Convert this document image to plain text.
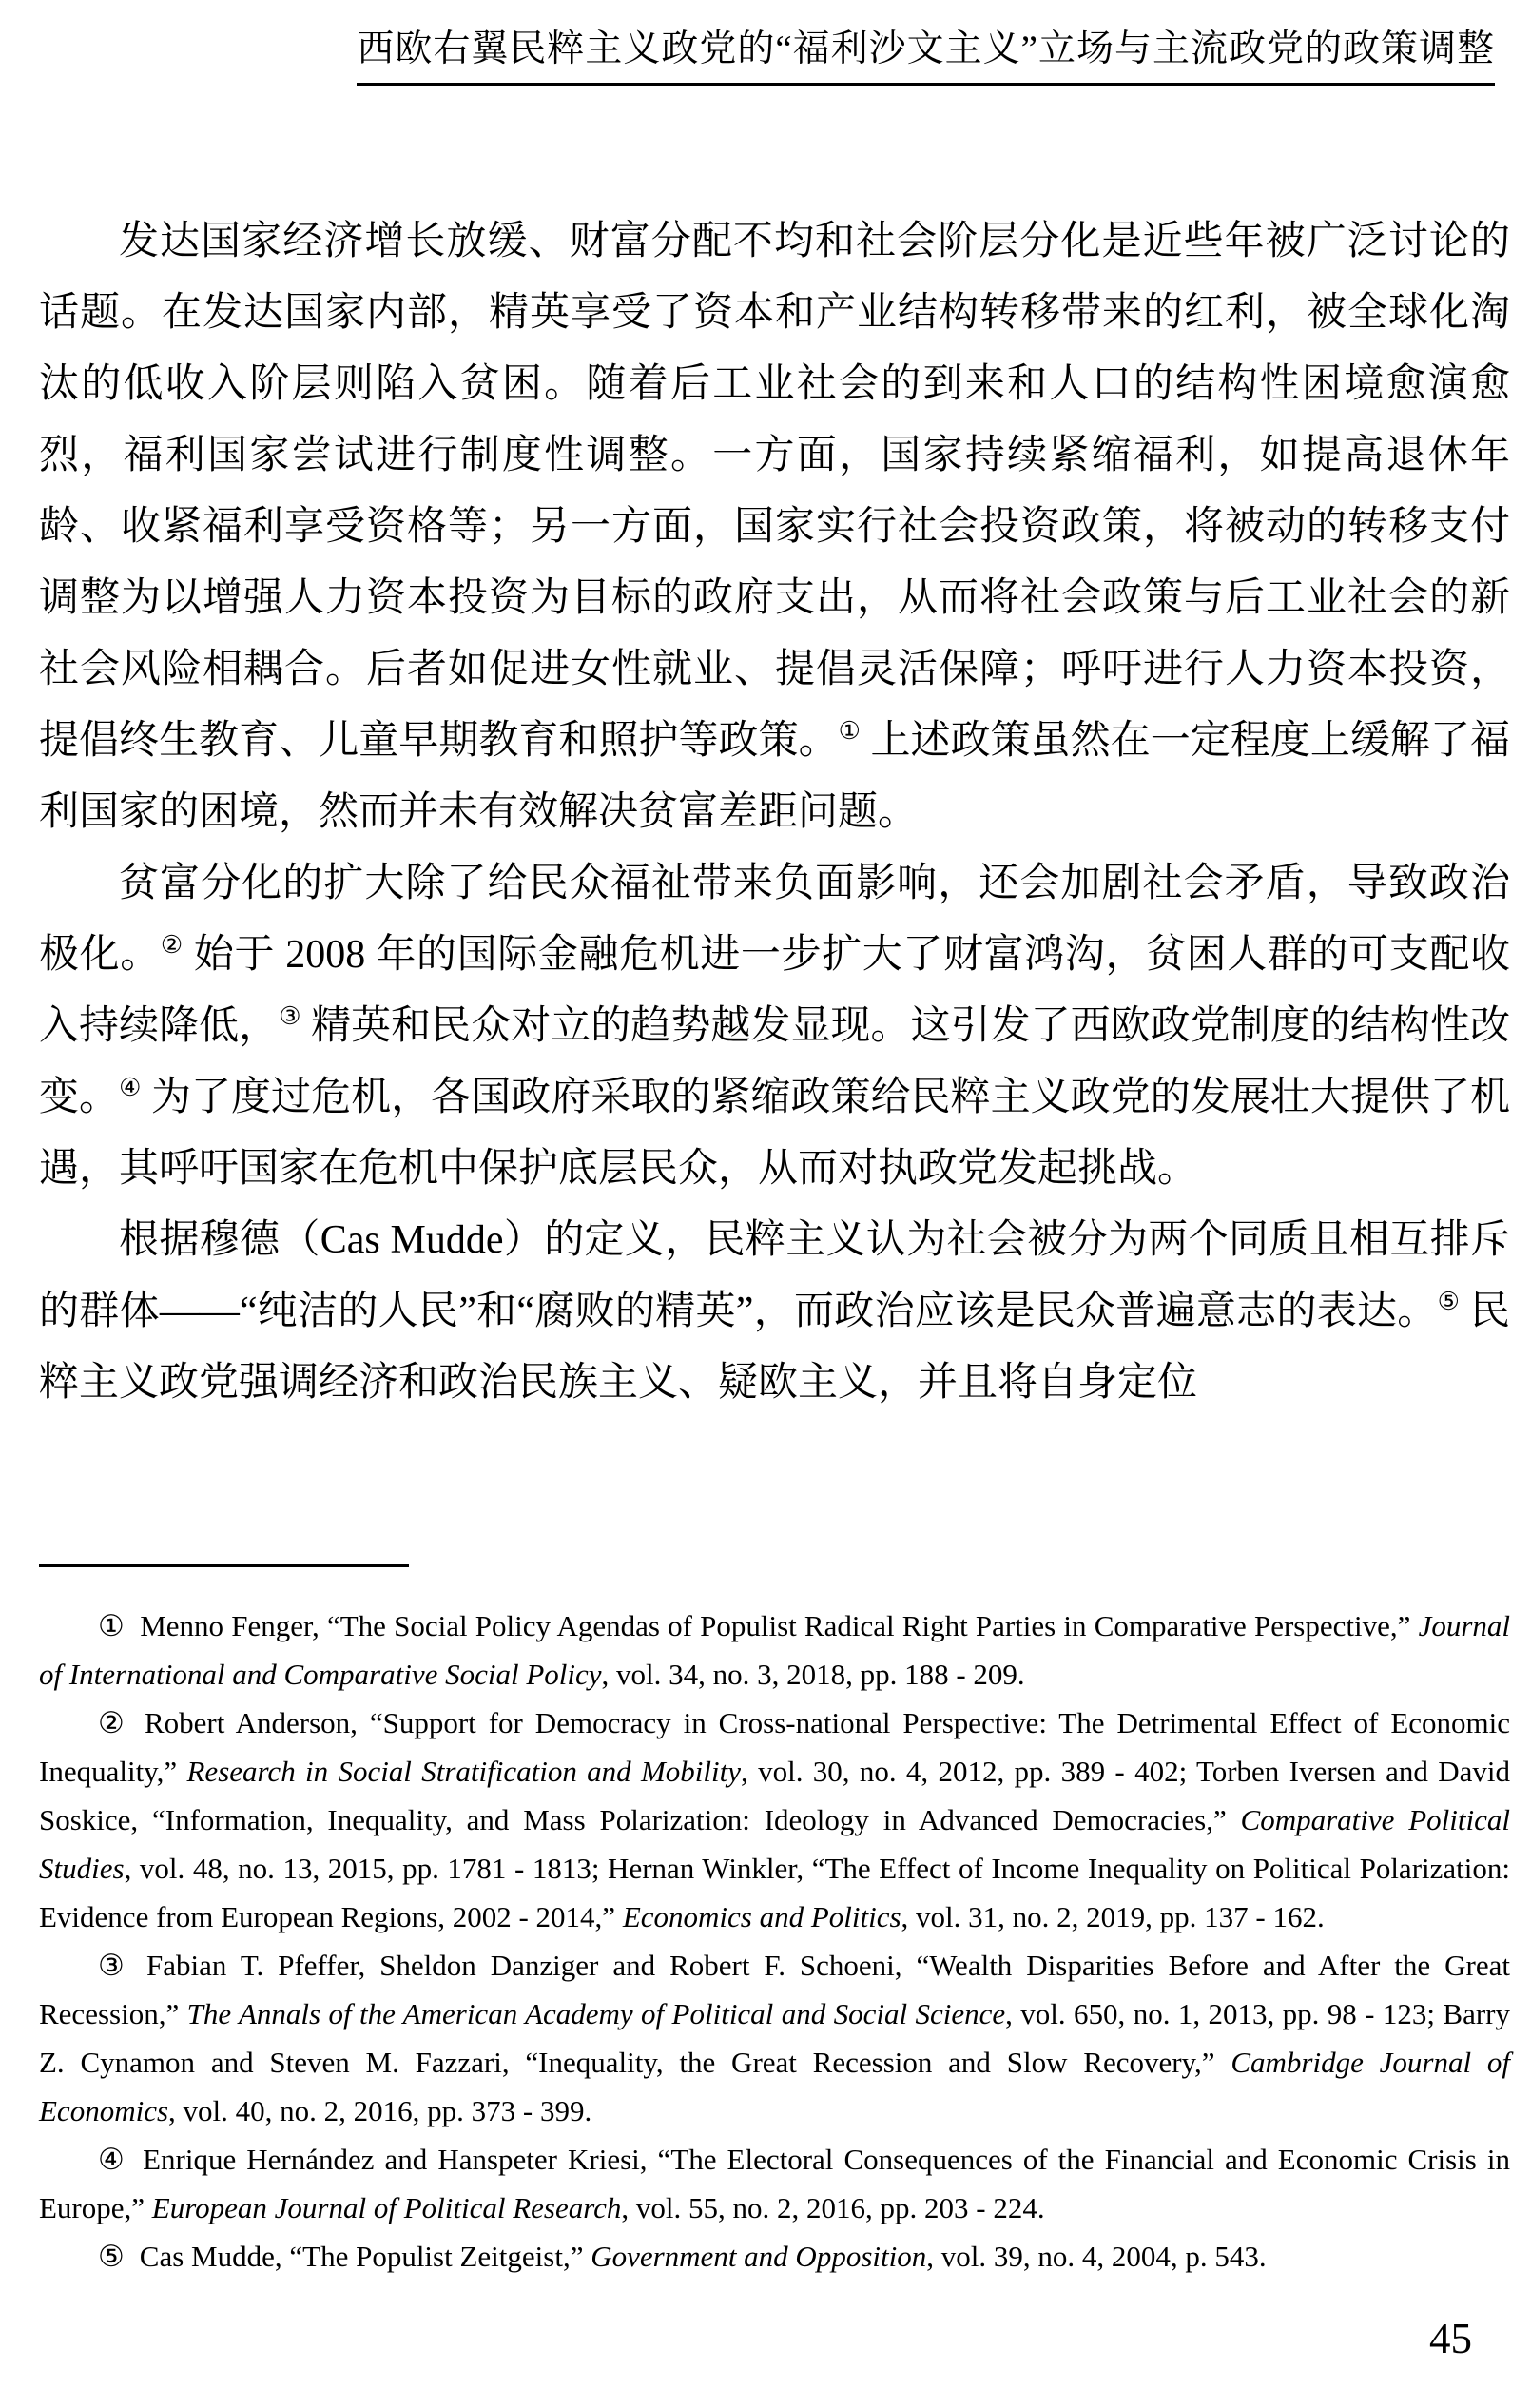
西欧右翼民粹主义政党的“福利沙文主义”立场与主流政党的政策调整

发达国家经济增长放缓、财富分配不均和社会阶层分化是近些年被广泛讨论的话题。在发达国家内部，精英享受了资本和产业结构转移带来的红利，被全球化淘汰的低收入阶层则陷入贫困。随着后工业社会的到来和人口的结构性困境愈演愈烈，福利国家尝试进行制度性调整。一方面，国家持续紧缩福利，如提高退休年龄、收紧福利享受资格等；另一方面，国家实行社会投资政策，将被动的转移支付调整为以增强人力资本投资为目标的政府支出，从而将社会政策与后工业社会的新社会风险相耦合。后者如促进女性就业、提倡灵活保障；呼吁进行人力资本投资，提倡终生教育、儿童早期教育和照护等政策。① 上述政策虽然在一定程度上缓解了福利国家的困境，然而并未有效解决贫富差距问题。

贫富分化的扩大除了给民众福祉带来负面影响，还会加剧社会矛盾，导致政治极化。② 始于 2008 年的国际金融危机进一步扩大了财富鸿沟，贫困人群的可支配收入持续降低，③ 精英和民众对立的趋势越发显现。这引发了西欧政党制度的结构性改变。④ 为了度过危机，各国政府采取的紧缩政策给民粹主义政党的发展壮大提供了机遇，其呼吁国家在危机中保护底层民众，从而对执政党发起挑战。

根据穆德（Cas Mudde）的定义，民粹主义认为社会被分为两个同质且相互排斥的群体——“纯洁的人民”和“腐败的精英”，而政治应该是民众普遍意志的表达。⑤ 民粹主义政党强调经济和政治民族主义、疑欧主义，并且将自身定位

① Menno Fenger, “The Social Policy Agendas of Populist Radical Right Parties in Comparative Perspective,” Journal of International and Comparative Social Policy, vol. 34, no. 3, 2018, pp. 188 - 209.

② Robert Anderson, “Support for Democracy in Cross-national Perspective: The Detrimental Effect of Economic Inequality,” Research in Social Stratification and Mobility, vol. 30, no. 4, 2012, pp. 389 - 402; Torben Iversen and David Soskice, “Information, Inequality, and Mass Polarization: Ideology in Advanced Democracies,” Comparative Political Studies, vol. 48, no. 13, 2015, pp. 1781 - 1813; Hernan Winkler, “The Effect of Income Inequality on Political Polarization: Evidence from European Regions, 2002 - 2014,” Economics and Politics, vol. 31, no. 2, 2019, pp. 137 - 162.

③ Fabian T. Pfeffer, Sheldon Danziger and Robert F. Schoeni, “Wealth Disparities Before and After the Great Recession,” The Annals of the American Academy of Political and Social Science, vol. 650, no. 1, 2013, pp. 98 - 123; Barry Z. Cynamon and Steven M. Fazzari, “Inequality, the Great Recession and Slow Recovery,” Cambridge Journal of Economics, vol. 40, no. 2, 2016, pp. 373 - 399.

④ Enrique Hernández and Hanspeter Kriesi, “The Electoral Consequences of the Financial and Economic Crisis in Europe,” European Journal of Political Research, vol. 55, no. 2, 2016, pp. 203 - 224.

⑤ Cas Mudde, “The Populist Zeitgeist,” Government and Opposition, vol. 39, no. 4, 2004, p. 543.

45
